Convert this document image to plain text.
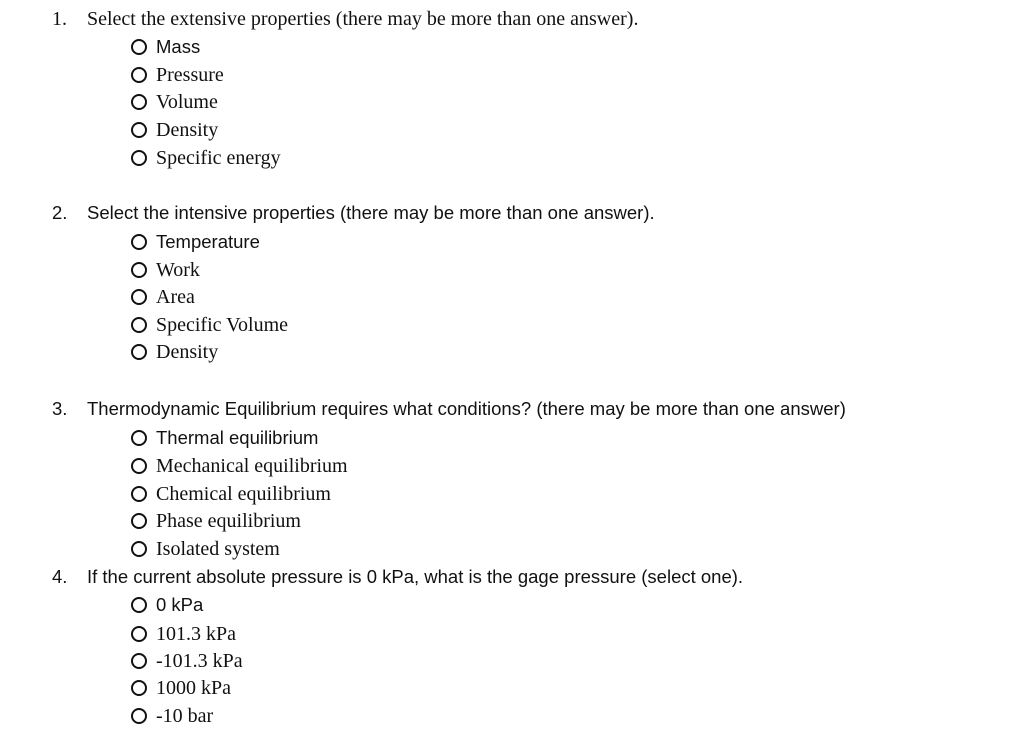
1. Select the extensive properties (there may be more than one answer).
Mass
Pressure
Volume
Density
Specific energy
2. Select the intensive properties (there may be more than one answer).
Temperature
Work
Area
Specific Volume
Density
3. Thermodynamic Equilibrium requires what conditions? (there may be more than one answer)
Thermal equilibrium
Mechanical equilibrium
Chemical equilibrium
Phase equilibrium
Isolated system
4. If the current absolute pressure is 0 kPa, what is the gage pressure (select one).
0 kPa
101.3 kPa
-101.3 kPa
1000 kPa
-10 bar
